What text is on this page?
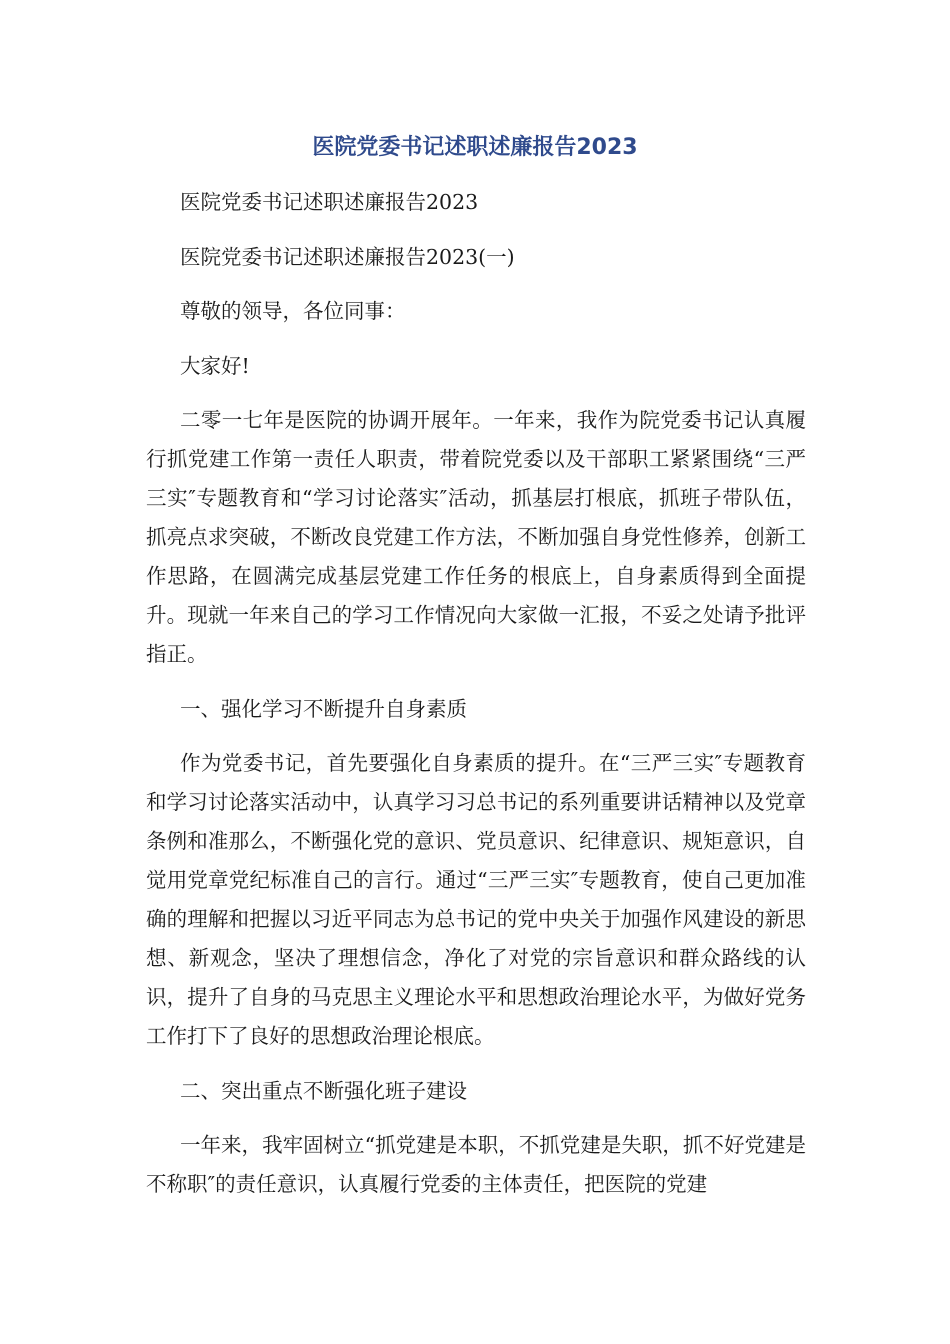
医院党委书记述职述廉报告2023

医院党委书记述职述廉报告2023

医院党委书记述职述廉报告2023(一)

尊敬的领导，各位同事：

大家好!

二零一七年是医院的协调开展年。一年来，我作为院党委书记认真履行抓党建工作第一责任人职责，带着院党委以及干部职工紧紧围绕“三严三实″专题教育和“学习讨论落实″活动，抓基层打根底，抓班子带队伍，抓亮点求突破，不断改良党建工作方法，不断加强自身党性修养，创新工作思路，在圆满完成基层党建工作任务的根底上，自身素质得到全面提升。现就一年来自己的学习工作情况向大家做一汇报，不妥之处请予批评指正。

一、强化学习不断提升自身素质

作为党委书记，首先要强化自身素质的提升。在“三严三实″专题教育和学习讨论落实活动中，认真学习习总书记的系列重要讲话精神以及党章条例和准那么，不断强化党的意识、党员意识、纪律意识、规矩意识，自觉用党章党纪标准自己的言行。通过“三严三实″专题教育，使自己更加准确的理解和把握以习近平同志为总书记的党中央关于加强作风建设的新思想、新观念，坚决了理想信念，净化了对党的宗旨意识和群众路线的认识，提升了自身的马克思主义理论水平和思想政治理论水平，为做好党务工作打下了良好的思想政治理论根底。

二、突出重点不断强化班子建设

一年来，我牢固树立“抓党建是本职，不抓党建是失职，抓不好党建是不称职″的责任意识，认真履行党委的主体责任，把医院的党建
